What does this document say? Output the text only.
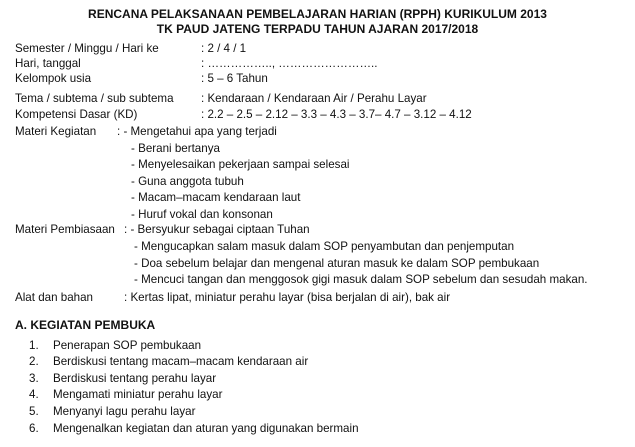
RENCANA PELAKSANAAN PEMBELAJARAN HARIAN (RPPH) KURIKULUM 2013
TK PAUD JATENG TERPADU TAHUN AJARAN 2017/2018
Semester / Minggu / Hari ke	: 2 / 4 / 1
Hari, tanggal	: …………….., ……………………..
Kelompok usia	: 5 – 6 Tahun
Tema / subtema / sub subtema : Kendaraan / Kendaraan Air / Perahu Layar
Kompetensi Dasar (KD)	: 2.2 – 2.5 – 2.12 – 3.3 – 4.3 – 3.7– 4.7 – 3.12 – 4.12
Materi Kegiatan : - Mengetahui apa yang terjadi
- Berani bertanya
- Menyelesaikan pekerjaan sampai selesai
- Guna anggota tubuh
- Macam–macam kendaraan laut
- Huruf vokal dan konsonan
Materi Pembiasaan : - Bersyukur sebagai ciptaan Tuhan
- Mengucapkan salam masuk dalam SOP penyambutan dan penjemputan
- Doa sebelum belajar dan mengenal aturan masuk ke dalam SOP pembukaan
- Mencuci tangan dan menggosok gigi masuk dalam SOP sebelum dan sesudah makan.
Alat dan bahan	: Kertas lipat, miniatur perahu layar (bisa berjalan di air), bak air
A. KEGIATAN PEMBUKA
1. Penerapan SOP pembukaan
2. Berdiskusi tentang macam–macam kendaraan air
3. Berdiskusi tentang perahu layar
4. Mengamati miniatur perahu layar
5. Menyanyi lagu perahu layar
6. Mengenalkan kegiatan dan aturan yang digunakan bermain
